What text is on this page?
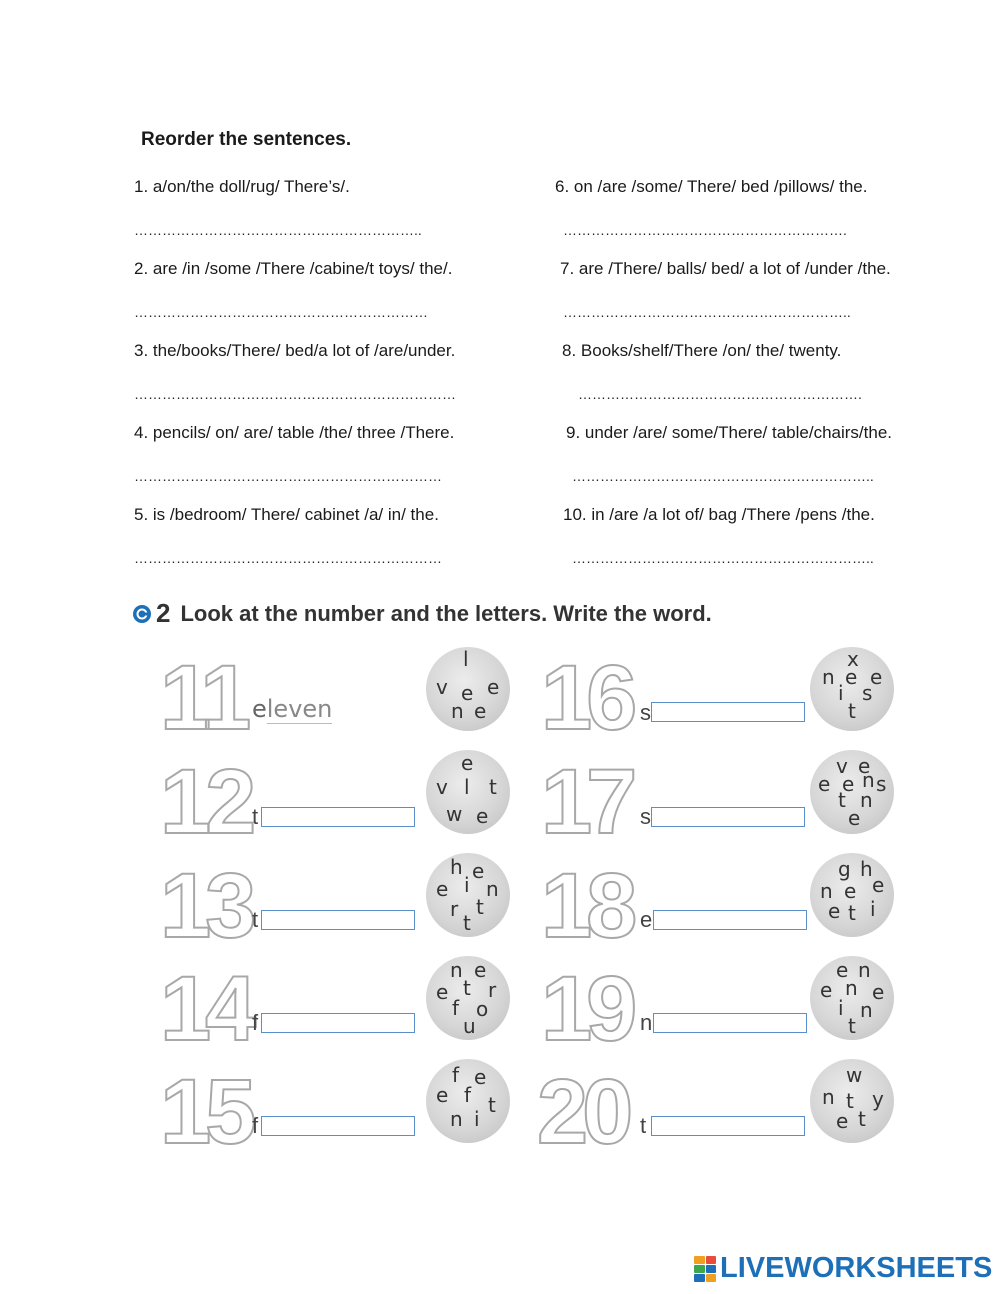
Reorder the sentences.
1. a/on/the doll/rug/ There’s/.
……………………………………………………..
2. are /in /some /There /cabine/t toys/ the/.
………………………………………………………
3. the/books/There/ bed/a lot of /are/under.
……………………………………………………………
4. pencils/ on/ are/ table /the/ three /There.
…………………………………………………………
5. is /bedroom/ There/ cabinet /a/ in/ the.
…………………………………………………………
6. on /are /some/ There/ bed /pillows/ the.
…………………………………………………….
7. are /There/ balls/ bed/ a lot of /under /the.
……………………………………………………..
8. Books/shelf/There /on/ the/ twenty.
…………………………………………………….
9. under /are/ some/There/ table/chairs/the.
………………………………………………………..
10. in /are /a lot of/ bag /There /pens /the.
………………………………………………………..
2 Look at the number and the letters. Write the word.
11
12
13
14
15
16
17
18
19
20
eleven
t
t
f
f
s
s
e
n
t
l
v e e
n e
e
v l t
w e
h e
e i n
r t
t
n e
e t r
f o
u
f e
e f t
n i
x
n e e
i s
t
v e
e e n s
t n
e
g h
n e e
e t i
e n
e n e
i n
t
w
n t y
e t
LIVEWORKSHEETS
